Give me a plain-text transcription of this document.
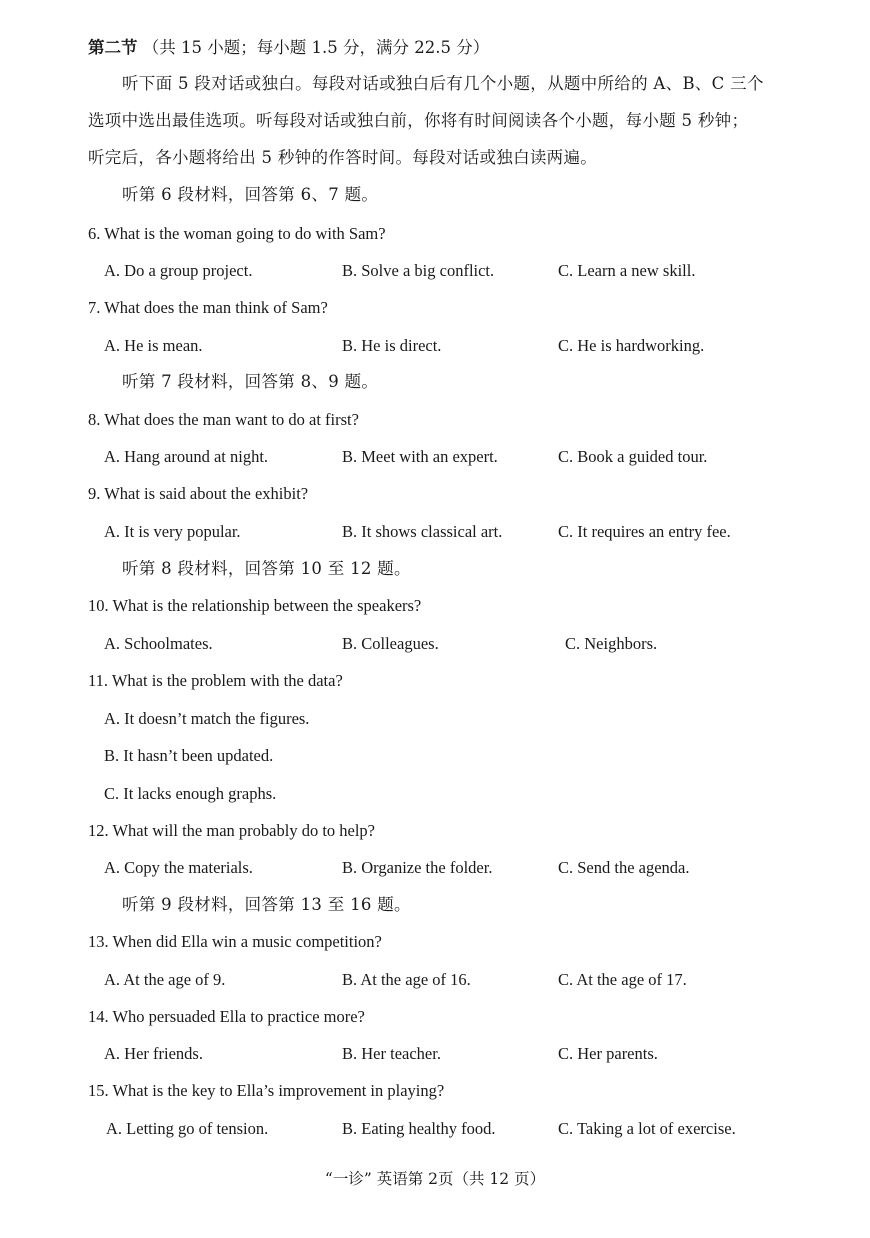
第二节 （共 15 小题；每小题 1.5 分，满分 22.5 分）
听下面 5 段对话或独白。每段对话或独白后有几个小题，从题中所给的 A、B、C 三个
选项中选出最佳选项。听每段对话或独白前，你将有时间阅读各个小题，每小题 5 秒钟；
听完后，各小题将给出 5 秒钟的作答时间。每段对话或独白读两遍。
听第 6 段材料，回答第 6、7 题。
6. What is the woman going to do with Sam?
A. Do a group project.	B. Solve a big conflict.	C. Learn a new skill.
7. What does the man think of Sam?
A. He is mean.	B. He is direct.	C. He is hardworking.
听第 7 段材料，回答第 8、9 题。
8. What does the man want to do at first?
A. Hang around at night.	B. Meet with an expert.	C. Book a guided tour.
9. What is said about the exhibit?
A. It is very popular.	B. It shows classical art.	C. It requires an entry fee.
听第 8 段材料，回答第 10 至 12 题。
10. What is the relationship between the speakers?
A. Schoolmates.	B. Colleagues.	C. Neighbors.
11. What is the problem with the data?
A. It doesn’t match the figures.
B. It hasn’t been updated.
C. It lacks enough graphs.
12. What will the man probably do to help?
A. Copy the materials.	B. Organize the folder.	C. Send the agenda.
听第 9 段材料，回答第 13 至 16 题。
13. When did Ella win a music competition?
A. At the age of 9.	B. At the age of 16.	C. At the age of 17.
14. Who persuaded Ella to practice more?
A. Her friends.	B. Her teacher.	C. Her parents.
15. What is the key to Ella’s improvement in playing?
A. Letting go of tension.	B. Eating healthy food.	C. Taking a lot of exercise.
“一诊” 英语第 2页（共 12 页）
